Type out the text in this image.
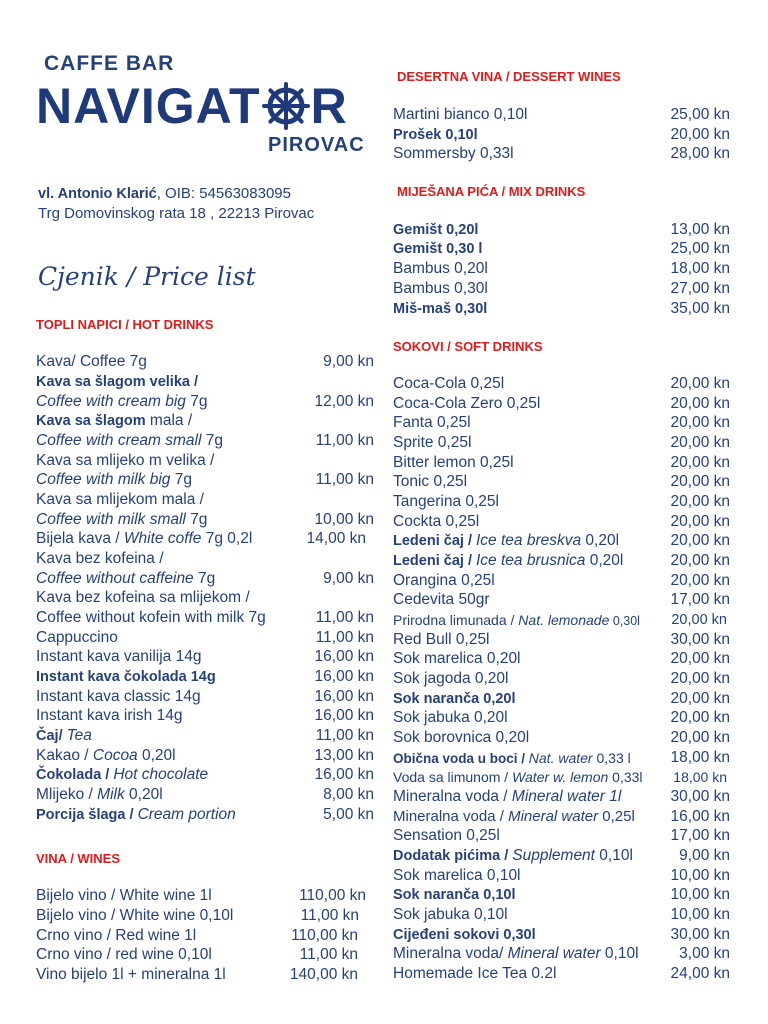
CAFFE BAR
NAVIGAT R
PIROVAC
vl. Antonio Klarić, OIB: 54563083095
Trg Domovinskog rata 18 , 22213 Pirovac
Cjenik / Price list
TOPLI NAPICI / HOT DRINKS
Kava/ Coffee 7g	9,00 kn
Kava sa šlagom velika /
Coffee with cream big 7g	12,00 kn
Kava sa šlagom mala /
Coffee with cream small 7g	11,00 kn
Kava sa mlijeko m velika /
Coffee with milk big 7g	11,00 kn
Kava sa mlijekom mala /
Coffee with milk small 7g	10,00 kn
Bijela kava / White coffe 7g 0,2l	14,00 kn
Kava bez kofeina /
Coffee without caffeine 7g	9,00 kn
Kava bez kofeina sa mlijekom /
Coffee without kofein with milk 7g	11,00 kn
Cappuccino	11,00 kn
Instant kava vanilija 14g	16,00 kn
Instant kava čokolada 14g	16,00 kn
Instant kava classic 14g	16,00 kn
Instant kava irish 14g	16,00 kn
Čaj/ Tea	11,00 kn
Kakao / Cocoa 0,20l	13,00 kn
Čokolada / Hot chocolate	16,00 kn
Mlijeko / Milk 0,20l	8,00 kn
Porcija šlaga / Cream portion	5,00 kn
VINA / WINES
Bijelo vino / White wine 1l	110,00 kn
Bijelo vino / White wine 0,10l	11,00 kn
Crno vino / Red wine 1l	110,00 kn
Crno vino / red wine 0,10l	11,00 kn
Vino bijelo 1l + mineralna 1l	140,00 kn
DESERTNA VINA / DESSERT WINES
Martini bianco 0,10l	25,00 kn
Prošek 0,10l	20,00 kn
Sommersby 0,33l	28,00 kn
MIJEŠANA PIĆA / MIX DRINKS
Gemišt 0,20l	13,00 kn
Gemišt 0,30 l	25,00 kn
Bambus 0,20l	18,00 kn
Bambus 0,30l	27,00 kn
Miš-maš 0,30l	35,00 kn
SOKOVI / SOFT DRINKS
Coca-Cola 0,25l	20,00 kn
Coca-Cola Zero 0,25l	20,00 kn
Fanta 0,25l	20,00 kn
Sprite 0,25l	20,00 kn
Bitter lemon 0,25l	20,00 kn
Tonic 0,25l	20,00 kn
Tangerina 0,25l	20,00 kn
Cockta 0,25l	20,00 kn
Ledeni čaj / Ice tea breskva 0,20l	20,00 kn
Ledeni čaj / Ice tea brusnica 0,20l	20,00 kn
Orangina 0,25l	20,00 kn
Cedevita 50gr	17,00 kn
Prirodna limunada / Nat. lemonade 0,30l 20,00 kn
Red Bull 0,25l	30,00 kn
Sok marelica 0,20l	20,00 kn
Sok jagoda 0,20l	20,00 kn
Sok naranča 0,20l	20,00 kn
Sok jabuka 0,20l	20,00 kn
Sok borovnica 0,20l	20,00 kn
Obična voda u boci / Nat. water 0,33 l	18,00 kn
Voda sa limunom / Water w. lemon 0,33l 18,00 kn
Mineralna voda / Mineral water 1l	30,00 kn
Mineralna voda / Mineral water 0,25l 16,00 kn
Sensation 0,25l	17,00 kn
Dodatak pićima / Supplement 0,10l	9,00 kn
Sok marelica 0,10l	10,00 kn
Sok naranča 0,10l	10,00 kn
Sok jabuka 0,10l	10,00 kn
Cijeđeni sokovi 0,30l	30,00 kn
Mineralna voda/ Mineral water 0,10l	3,00 kn
Homemade Ice Tea 0.2l	24,00 kn
